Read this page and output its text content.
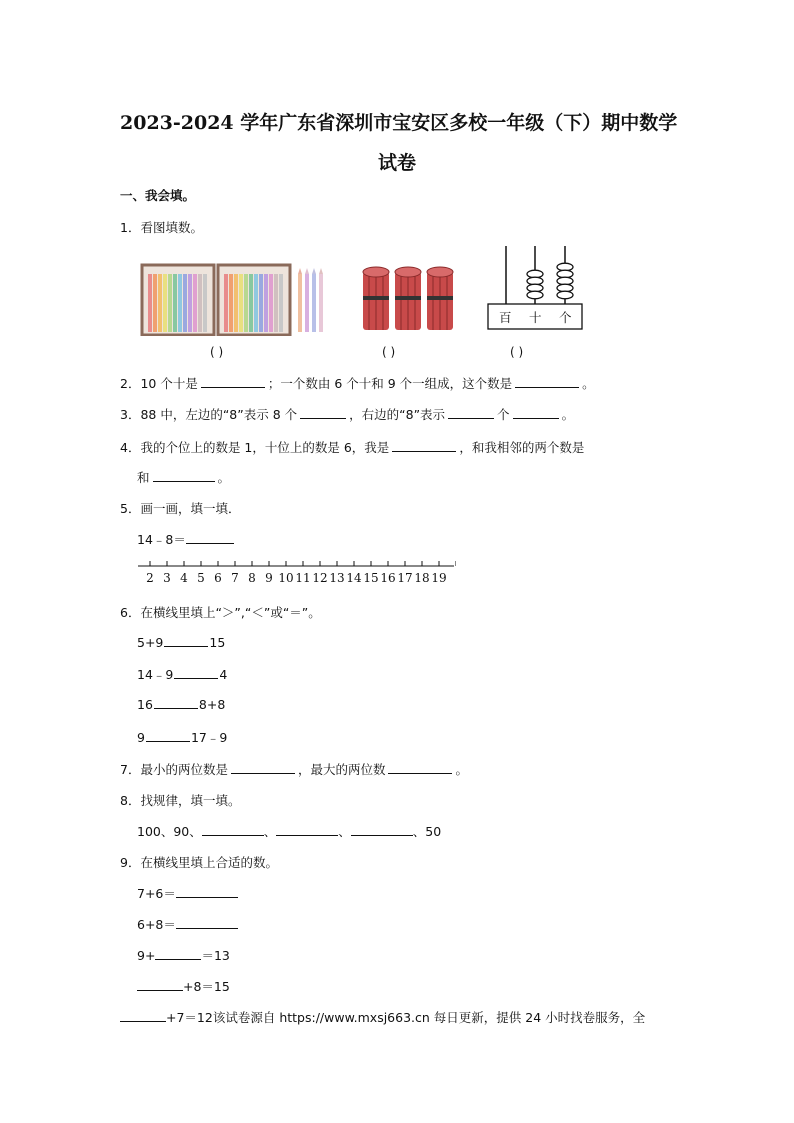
2023-2024 学年广东省深圳市宝安区多校一年级（下）期中数学
试卷
一、我会填。
1．看图填数。
百 十 个
( )	( )	( )
2．10 个十是	；一个数由 6 个十和 9 个一组成，这个数是	。
3．88 中，左边的“8”表示 8 个	，右边的“8”表示	个	。
4．我的个位上的数是 1，十位上的数是 6，我是	，和我相邻的两个数是
和	。
5．画一画，填一填．
14﹣8＝
2 3 4 5 6 7 8 9 10 11 12 13 14 15 16 17 18 19
6．在横线里填上“＞”,“＜”或“＝”。
5+9	15
14﹣9	4
16	8+8
9	17﹣9
7．最小的两位数是	，最大的两位数	。
8．找规律，填一填。
100、90、	、	、	、50
9．在横线里填上合适的数。
7+6＝
6+8＝
9+	＝13
+8＝15
+7＝12该试卷源自 https://www.mxsj663.cn 每日更新，提供 24 小时找卷服务，全
